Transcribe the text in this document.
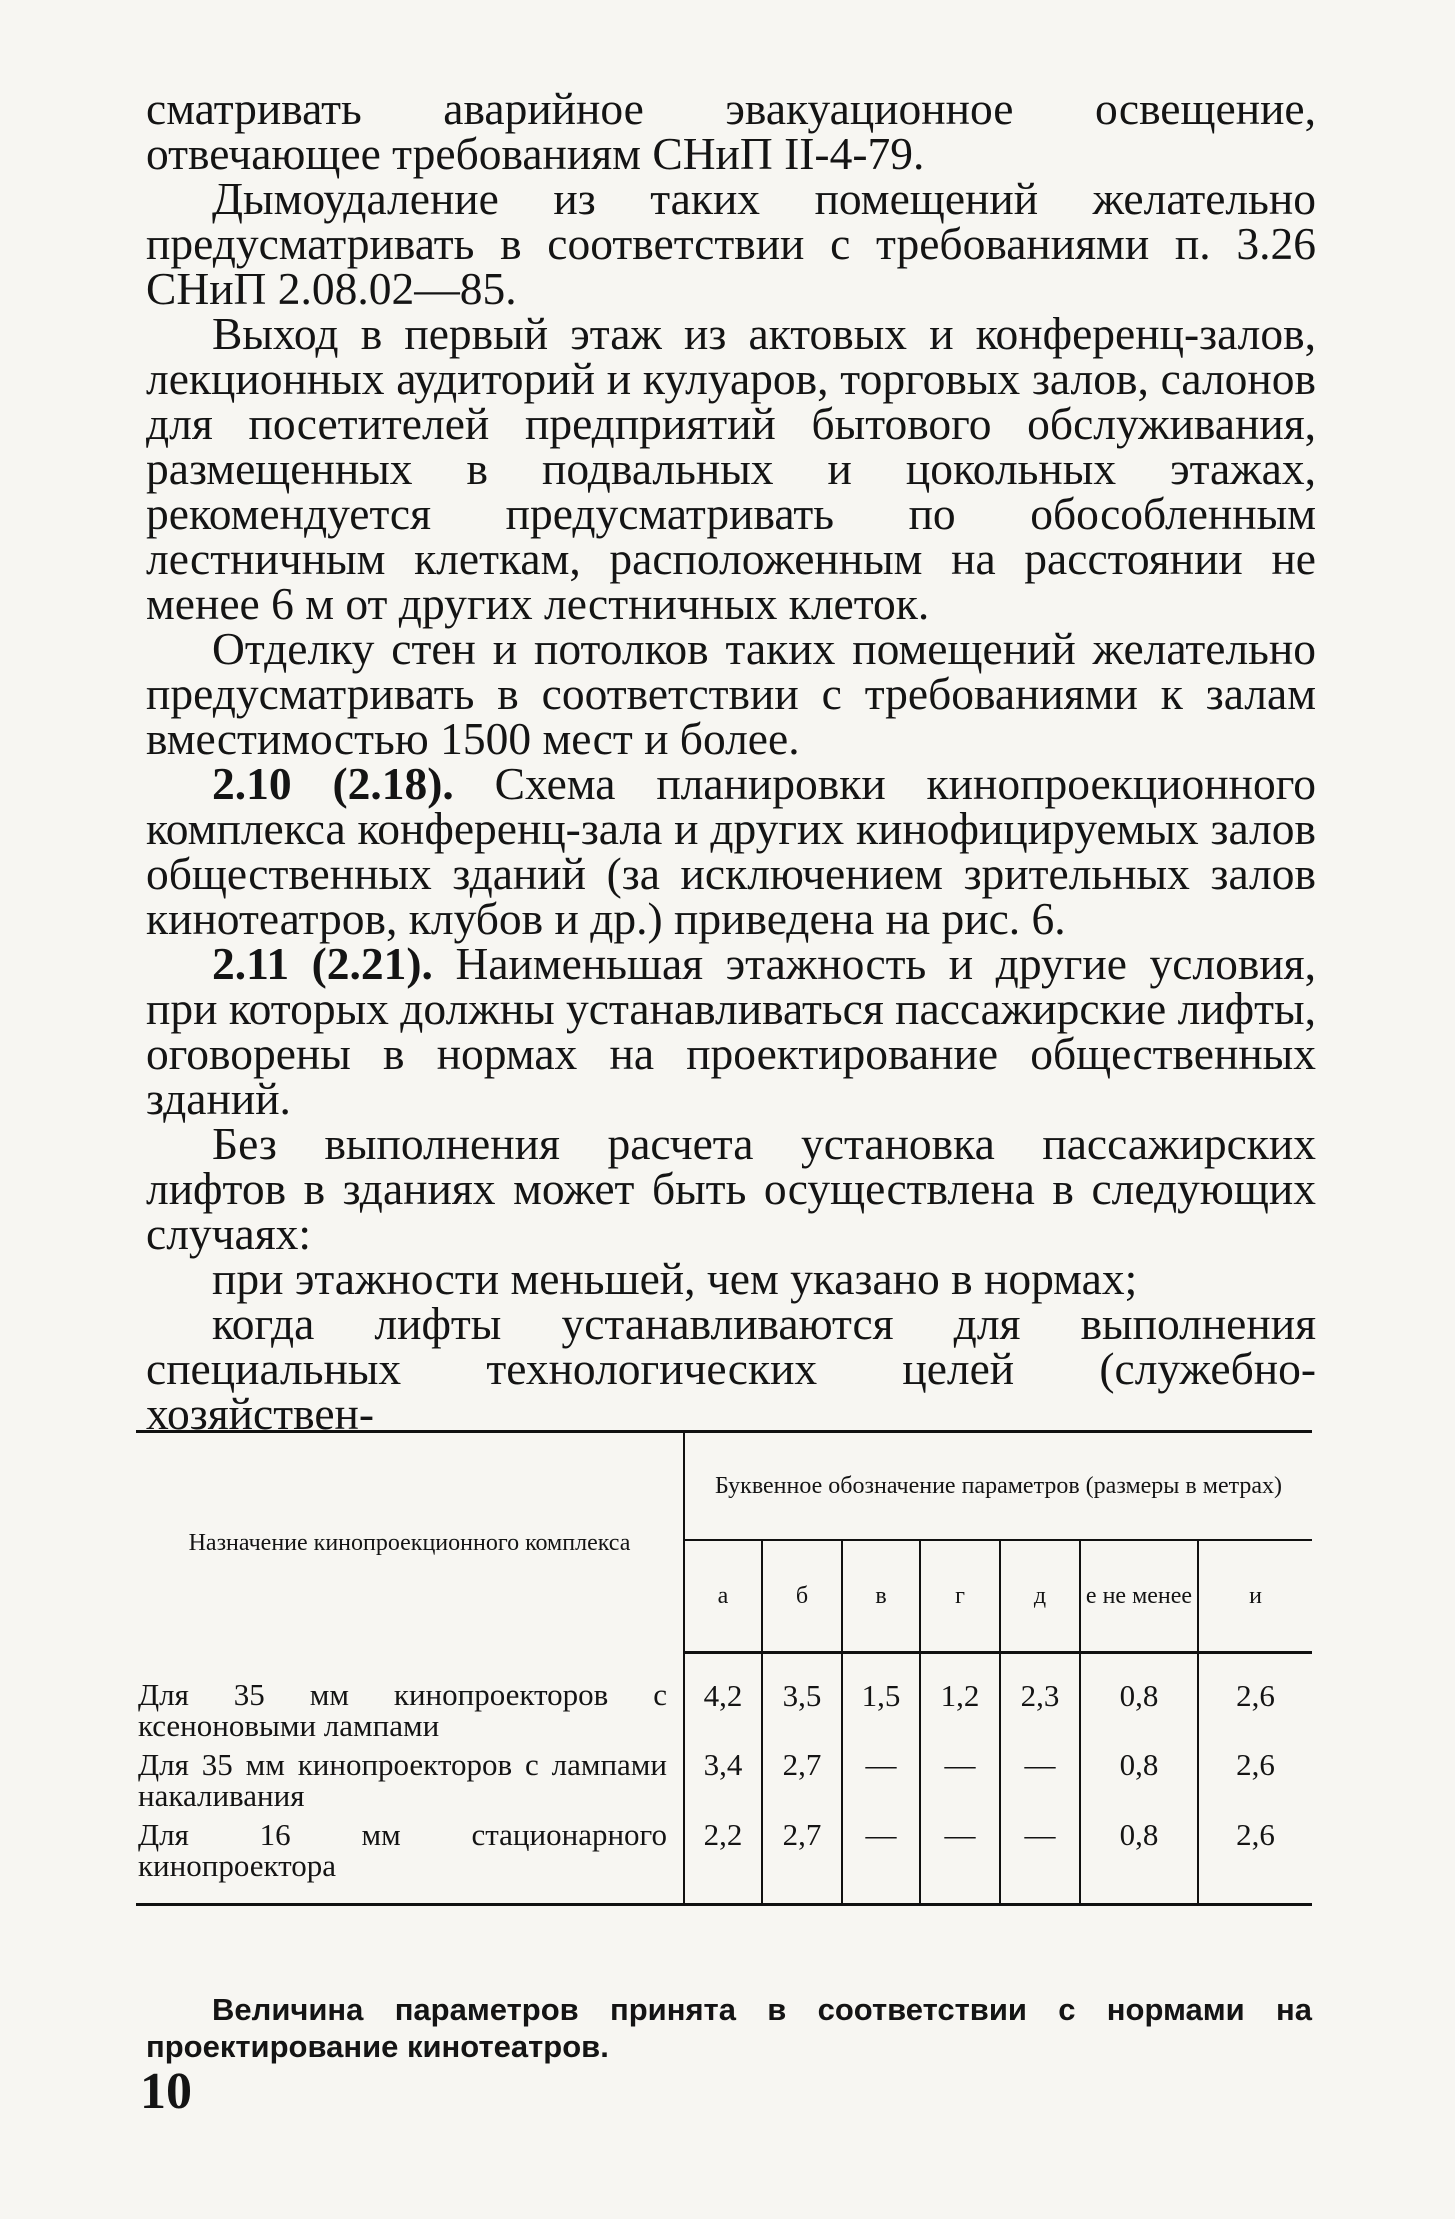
сматривать аварийное эвакуационное освещение, отвечающее требованиям СНиП II-4-79.

Дымоудаление из таких помещений желательно предусматривать в соответствии с требованиями п. 3.26 СНиП 2.08.02—85.

Выход в первый этаж из актовых и конференц-залов, лекционных аудиторий и кулуаров, торговых залов, салонов для посетителей предприятий бытового обслуживания, размещенных в подвальных и цокольных этажах, рекомендуется предусматривать по обособленным лестничным клеткам, расположенным на расстоянии не менее 6 м от других лестничных клеток.

Отделку стен и потолков таких помещений желательно предусматривать в соответствии с требованиями к залам вместимостью 1500 мест и более.

2.10 (2.18). Схема планировки кинопроекционного комплекса конференц-зала и других кинофицируемых залов общественных зданий (за исключением зрительных залов кинотеатров, клубов и др.) приведена на рис. 6.

2.11 (2.21). Наименьшая этажность и другие условия, при которых должны устанавливаться пассажирские лифты, оговорены в нормах на проектирование общественных зданий.

Без выполнения расчета установка пассажирских лифтов в зданиях может быть осуществлена в следующих случаях:

при этажности меньшей, чем указано в нормах;

когда лифты устанавливаются для выполнения специальных технологических целей (служебно-хозяйствен-

Назначение кинопроекционного комплекса	Буквенное обозначение параметров (размеры в метрах)						
	а	б	в	г	д	е не менее	и
Для 35 мм кинопроекторов с ксеноновыми лампами	4,2	3,5	1,5	1,2	2,3	0,8	2,6
Для 35 мм кинопроекторов с лампами накаливания	3,4	2,7	—	—	—	0,8	2,6
Для 16 мм стационарного кинопроектора	2,2	2,7	—	—	—	0,8	2,6

Величина параметров принята в соответствии с нормами на проектирование кинотеатров.

10
